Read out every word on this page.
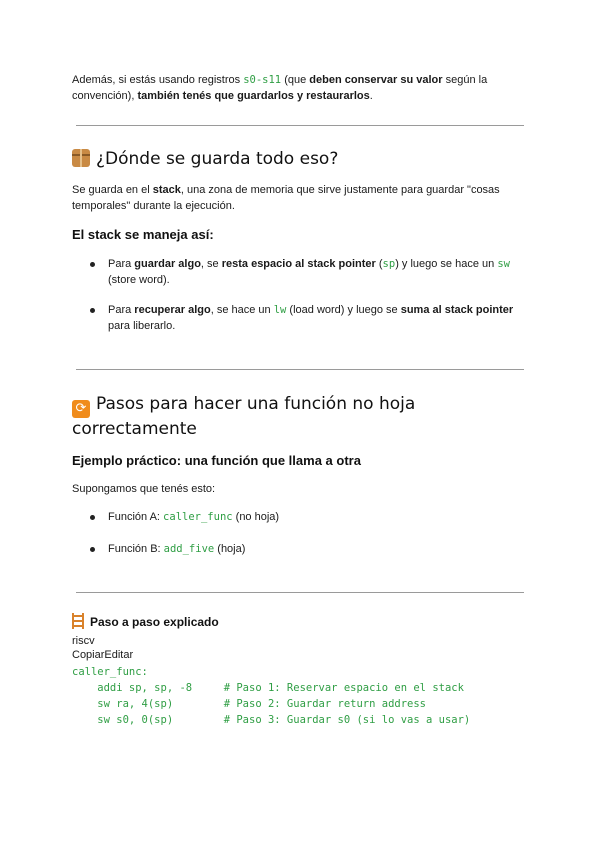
Además, si estás usando registros s0-s11 (que deben conservar su valor según la convención), también tenés que guardarlos y restaurarlos.

¿Dónde se guarda todo eso?

Se guarda en el stack, una zona de memoria que sirve justamente para guardar "cosas temporales" durante la ejecución.

El stack se maneja así:
Para guardar algo, se resta espacio al stack pointer (sp) y luego se hace un sw (store word).
Para recuperar algo, se hace un lw (load word) y luego se suma al stack pointer para liberarlo.
⟳ Pasos para hacer una función no hoja correctamente
Ejemplo práctico: una función que llama a otra

Supongamos que tenés esto:

Función A: caller_func (no hoja)
Función B: add_five (hoja)
Paso a paso explicado
riscv
CopiarEditar
caller_func:
addi sp, sp, -8     # Paso 1: Reservar espacio en el stack
sw ra, 4(sp)        # Paso 2: Guardar return address
sw s0, 0(sp)        # Paso 3: Guardar s0 (si lo vas a usar)
